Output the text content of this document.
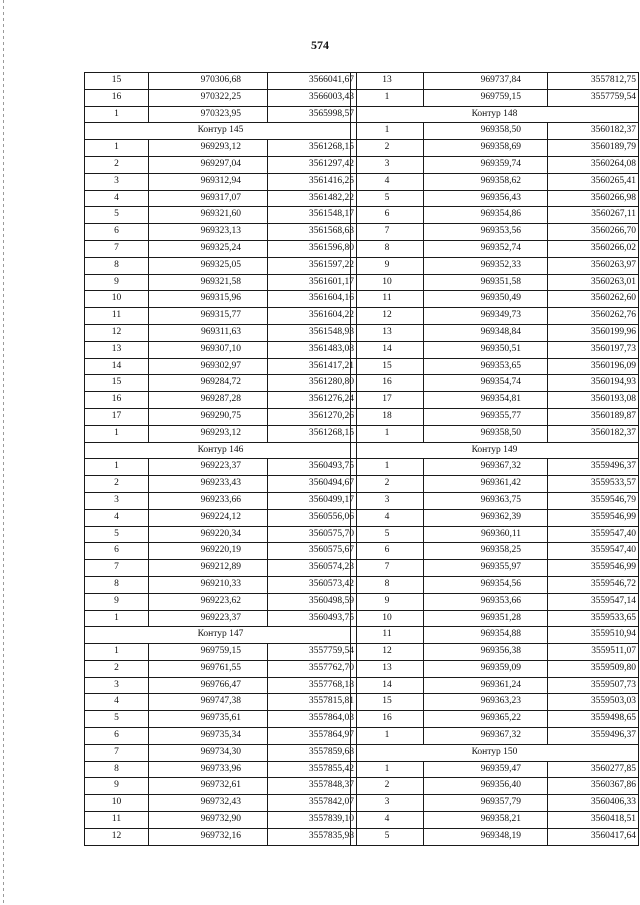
574
15	970306,68	3566041,67
16	970322,25	3566003,43
1	970323,95	3565998,57
Контур 145		
1	969293,12	3561268,15
2	969297,04	3561297,42
3	969312,94	3561416,25
4	969317,07	3561482,22
5	969321,60	3561548,17
6	969323,13	3561568,63
7	969325,24	3561596,80
8	969325,05	3561597,22
9	969321,58	3561601,17
10	969315,96	3561604,16
11	969315,77	3561604,22
12	969311,63	3561548,93
13	969307,10	3561483,08
14	969302,97	3561417,21
15	969284,72	3561280,80
16	969287,28	3561276,24
17	969290,75	3561270,26
1	969293,12	3561268,15
Контур 146		
1	969223,37	3560493,75
2	969233,43	3560494,67
3	969233,66	3560499,17
4	969224,12	3560556,06
5	969220,34	3560575,70
6	969220,19	3560575,67
7	969212,89	3560574,23
8	969210,33	3560573,42
9	969223,62	3560498,59
1	969223,37	3560493,75
Контур 147		
1	969759,15	3557759,54
2	969761,55	3557762,70
3	969766,47	3557768,18
4	969747,38	3557815,81
5	969735,61	3557864,03
6	969735,34	3557864,97
7	969734,30	3557859,68
8	969733,96	3557855,42
9	969732,61	3557848,37
10	969732,43	3557842,07
11	969732,90	3557839,10
12	969732,16	3557835,98
13	969737,84	3557812,75
1	969759,15	3557759,54
Контур 148		
1	969358,50	3560182,37
2	969358,69	3560189,79
3	969359,74	3560264,08
4	969358,62	3560265,41
5	969356,43	3560266,98
6	969354,86	3560267,11
7	969353,56	3560266,70
8	969352,74	3560266,02
9	969352,33	3560263,97
10	969351,58	3560263,01
11	969350,49	3560262,60
12	969349,73	3560262,76
13	969348,84	3560199,96
14	969350,51	3560197,73
15	969353,65	3560196,09
16	969354,74	3560194,93
17	969354,81	3560193,08
18	969355,77	3560189,87
1	969358,50	3560182,37
Контур 149		
1	969367,32	3559496,37
2	969361,42	3559533,57
3	969363,75	3559546,79
4	969362,39	3559546,99
5	969360,11	3559547,40
6	969358,25	3559547,40
7	969355,97	3559546,99
8	969354,56	3559546,72
9	969353,66	3559547,14
10	969351,28	3559533,65
11	969354,88	3559510,94
12	969356,38	3559511,07
13	969359,09	3559509,80
14	969361,24	3559507,73
15	969363,23	3559503,03
16	969365,22	3559498,65
1	969367,32	3559496,37
Контур 150		
1	969359,47	3560277,85
2	969356,40	3560367,86
3	969357,79	3560406,33
4	969358,21	3560418,51
5	969348,19	3560417,64
